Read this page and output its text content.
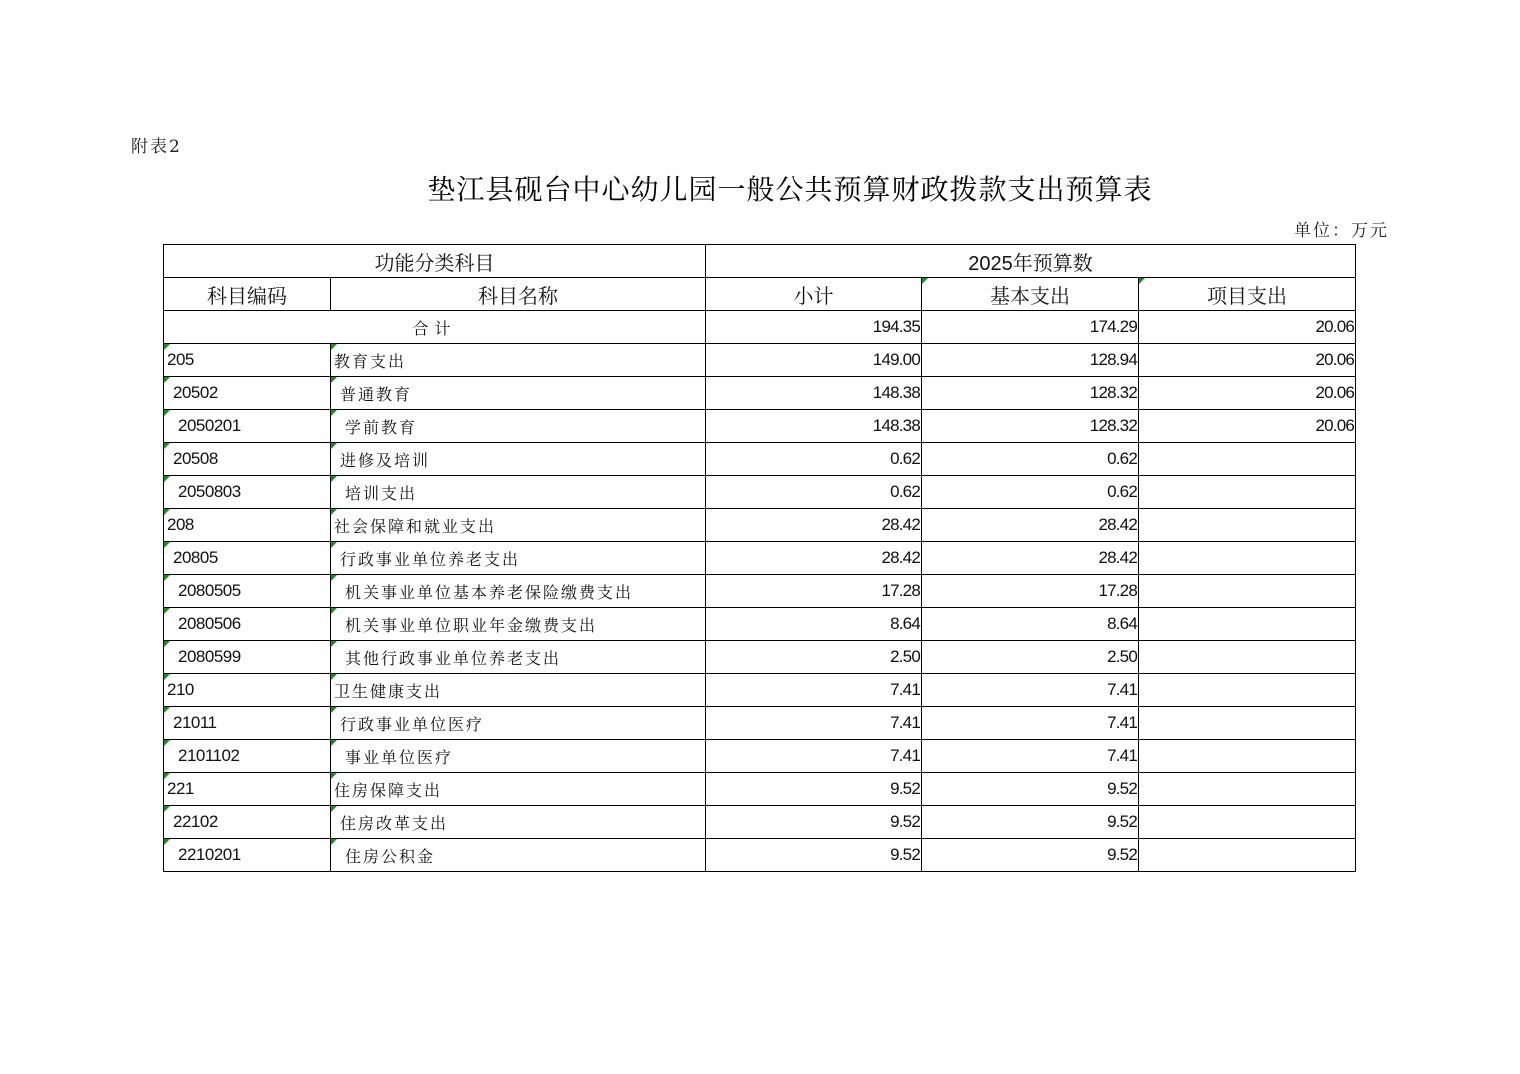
附表2
垫江县砚台中心幼儿园一般公共预算财政拨款支出预算表
单位：万元
功能分类科目		2025年预算数		
科目编码	科目名称	小计	基本支出	项目支出
合计		194.35	174.29	20.06
205	教育支出	149.00	128.94	20.06
20502	普通教育	148.38	128.32	20.06
2050201	学前教育	148.38	128.32	20.06
20508	进修及培训	0.62	0.62	
2050803	培训支出	0.62	0.62	
208	社会保障和就业支出	28.42	28.42	
20805	行政事业单位养老支出	28.42	28.42	
2080505	机关事业单位基本养老保险缴费支出	17.28	17.28	
2080506	机关事业单位职业年金缴费支出	8.64	8.64	
2080599	其他行政事业单位养老支出	2.50	2.50	
210	卫生健康支出	7.41	7.41	
21011	行政事业单位医疗	7.41	7.41	
2101102	事业单位医疗	7.41	7.41	
221	住房保障支出	9.52	9.52	
22102	住房改革支出	9.52	9.52	
2210201	住房公积金	9.52	9.52	
